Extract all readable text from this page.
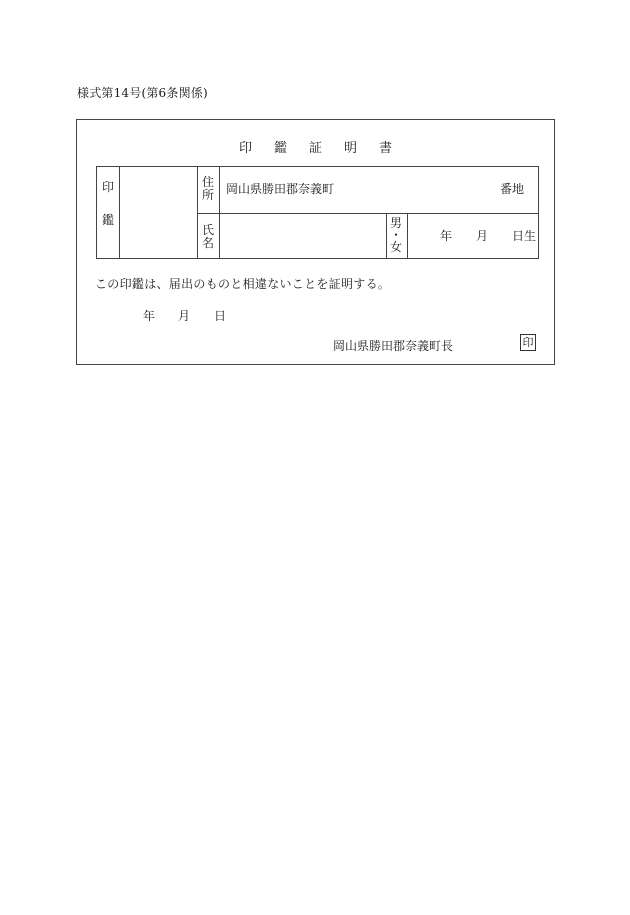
様式第14号(第6条関係)
印鑑証明書
印
鑑
住
所 岡山県勝田郡奈義町	番地
氏
名
男
・
女
年 月 日生
この印鑑は、届出のものと相違ないことを証明する。
年 月 日
岡山県勝田郡奈義町長	印
